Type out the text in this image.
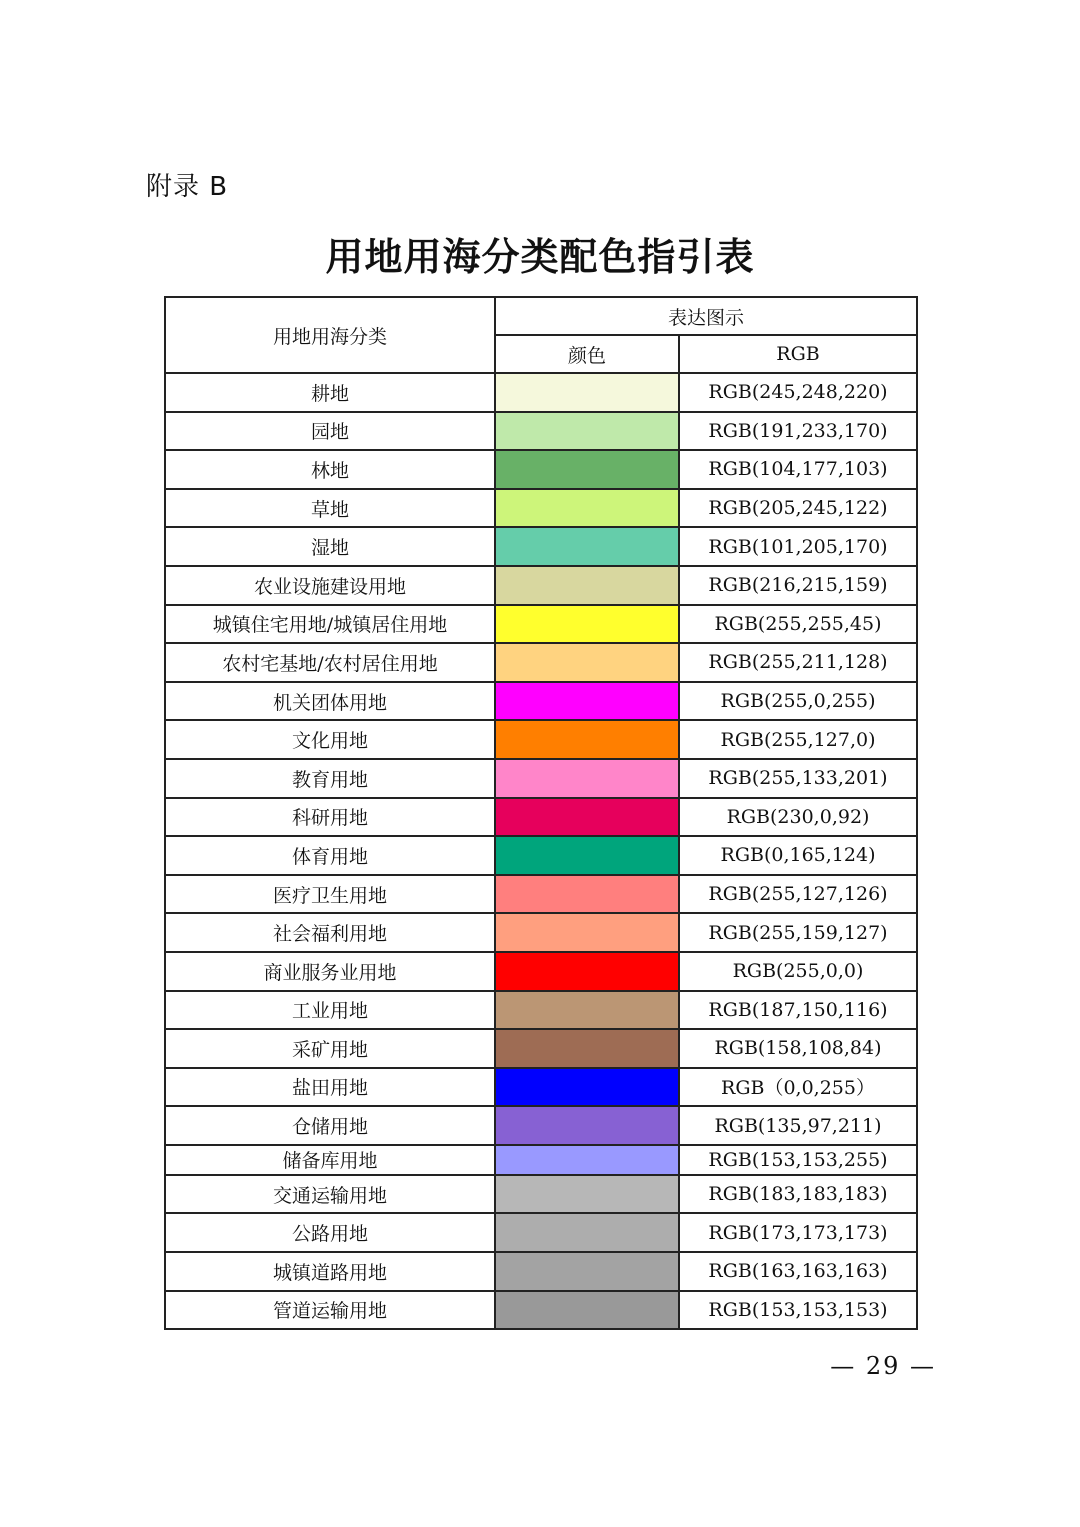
附录 B
用地用海分类配色指引表
用地用海分类	表达图示	
	颜色	RGB
耕地		RGB(245,248,220)
园地		RGB(191,233,170)
林地		RGB(104,177,103)
草地		RGB(205,245,122)
湿地		RGB(101,205,170)
农业设施建设用地		RGB(216,215,159)
城镇住宅用地/城镇居住用地		RGB(255,255,45)
农村宅基地/农村居住用地		RGB(255,211,128)
机关团体用地		RGB(255,0,255)
文化用地		RGB(255,127,0)
教育用地		RGB(255,133,201)
科研用地		RGB(230,0,92)
体育用地		RGB(0,165,124)
医疗卫生用地		RGB(255,127,126)
社会福利用地		RGB(255,159,127)
商业服务业用地		RGB(255,0,0)
工业用地		RGB(187,150,116)
采矿用地		RGB(158,108,84)
盐田用地		RGB（0,0,255）
仓储用地		RGB(135,97,211)
储备库用地		RGB(153,153,255)
交通运输用地		RGB(183,183,183)
公路用地		RGB(173,173,173)
城镇道路用地		RGB(163,163,163)
管道运输用地		RGB(153,153,153)
— 29 —
